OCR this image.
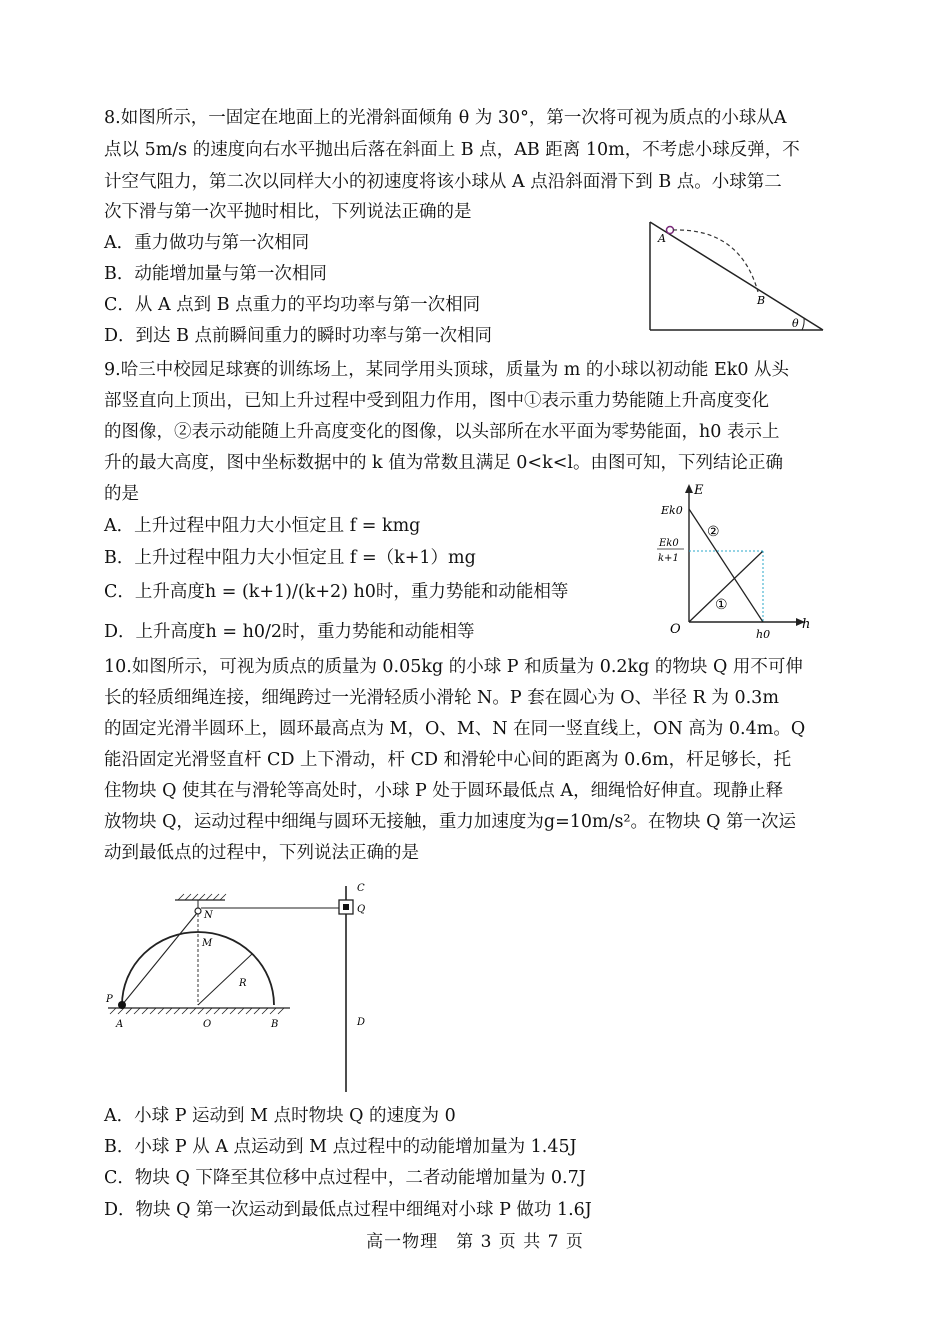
8.如图所示，一固定在地面上的光滑斜面倾角 θ 为 30°，第一次将可视为质点的小球从A
点以 5m/s 的速度向右水平抛出后落在斜面上 B 点，AB 距离 10m，不考虑小球反弹，不
计空气阻力，第二次以同样大小的初速度将该小球从 A 点沿斜面滑下到 B 点。小球第二
次下滑与第一次平抛时相比，下列说法正确的是
A．重力做功与第一次相同
B．动能增加量与第一次相同
C．从 A 点到 B 点重力的平均功率与第一次相同
D．到达 B 点前瞬间重力的瞬时功率与第一次相同
A
B
θ
9.哈三中校园足球赛的训练场上，某同学用头顶球，质量为 m 的小球以初动能 Ek0 从头
部竖直向上顶出，已知上升过程中受到阻力作用，图中①表示重力势能随上升高度变化
的图像，②表示动能随上升高度变化的图像，以头部所在水平面为零势能面，h0 表示上
升的最大高度，图中坐标数据中的 k 值为常数且满足 0<k<l。由图可知，下列结论正确
的是
A．上升过程中阻力大小恒定且 f = kmg
B．上升过程中阻力大小恒定且 f =（k+1）mg
C．上升高度h = (k+1)/(k+2) h0时，重力势能和动能相等
D．上升高度h = h0/2时，重力势能和动能相等
E
h
O
Ek0
Ek0
k+1
h0
①
②
10.如图所示，可视为质点的质量为 0.05kg 的小球 P 和质量为 0.2kg 的物块 Q 用不可伸
长的轻质细绳连接，细绳跨过一光滑轻质小滑轮 N。P 套在圆心为 O、半径 R 为 0.3m
的固定光滑半圆环上，圆环最高点为 M，O、M、N 在同一竖直线上，ON 高为 0.4m。Q
能沿固定光滑竖直杆 CD 上下滑动，杆 CD 和滑轮中心间的距离为 0.6m，杆足够长，托
住物块 Q 使其在与滑轮等高处时，小球 P 处于圆环最低点 A，细绳恰好伸直。现静止释
放物块 Q，运动过程中细绳与圆环无接触，重力加速度为g=10m/s²。在物块 Q 第一次运
动到最低点的过程中，下列说法正确的是
N
M
R
P
A	O	B
C
Q
D
A．小球 P 运动到 M 点时物块 Q 的速度为 0
B．小球 P 从 A 点运动到 M 点过程中的动能增加量为 1.45J
C．物块 Q 下降至其位移中点过程中，二者动能增加量为 0.7J
D．物块 Q 第一次运动到最低点过程中细绳对小球 P 做功 1.6J
高一物理　第 3 页 共 7 页
